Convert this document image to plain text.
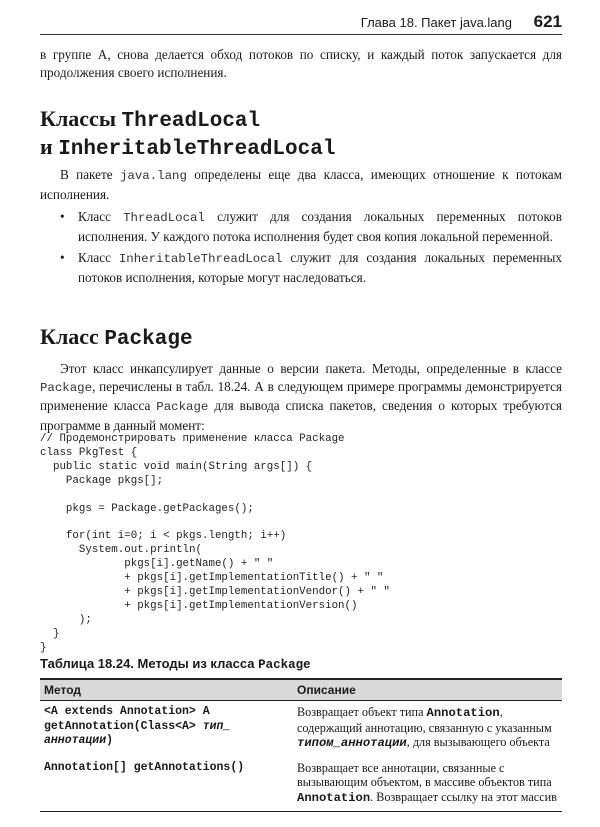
Глава 18. Пакет java.lang 621

в группе А, снова делается обход потоков по списку, и каждый поток запускается для продолжения своего исполнения.

Классы ThreadLocal
и InheritableThreadLocal

В пакете java.lang определены еще два класса, имеющих отношение к потокам исполнения.

• Класс ThreadLocal служит для создания локальных переменных потоков исполнения. У каждого потока исполнения будет своя копия локальной переменной.
• Класс InheritableThreadLocal служит для создания локальных переменных потоков исполнения, которые могут наследоваться.
Класс Package

Этот класс инкапсулирует данные о версии пакета. Методы, определенные в классе Package, перечислены в табл. 18.24. А в следующем примере программы демонстрируется применение класса Package для вывода списка пакетов, сведения о которых требуются программе в данный момент:

// Продемонстрировать применение класса Package
class PkgTest {
public static void main(String args[]) {
Package pkgs[];

pkgs = Package.getPackages();

for(int i=0; i < pkgs.length; i++)
System.out.println(
pkgs[i].getName() + " "
+ pkgs[i].getImplementationTitle() + " "
+ pkgs[i].getImplementationVendor() + " "
+ pkgs[i].getImplementationVersion()
);
}
}
Таблица 18.24. Методы из класса Package
Метод	Описание
<A extends Annotation> A getAnnotation(Class<A> тип_ аннотации)	Возвращает объект типа Annotation, содержащий аннотацию, связанную с указанным типом_аннотации, для вызывающего объекта
Annotation[] getAnnotations()	Возвращает все аннотации, связанные с вызывающим объектом, в массиве объектов типа Annotation. Возвращает ссылку на этот массив
